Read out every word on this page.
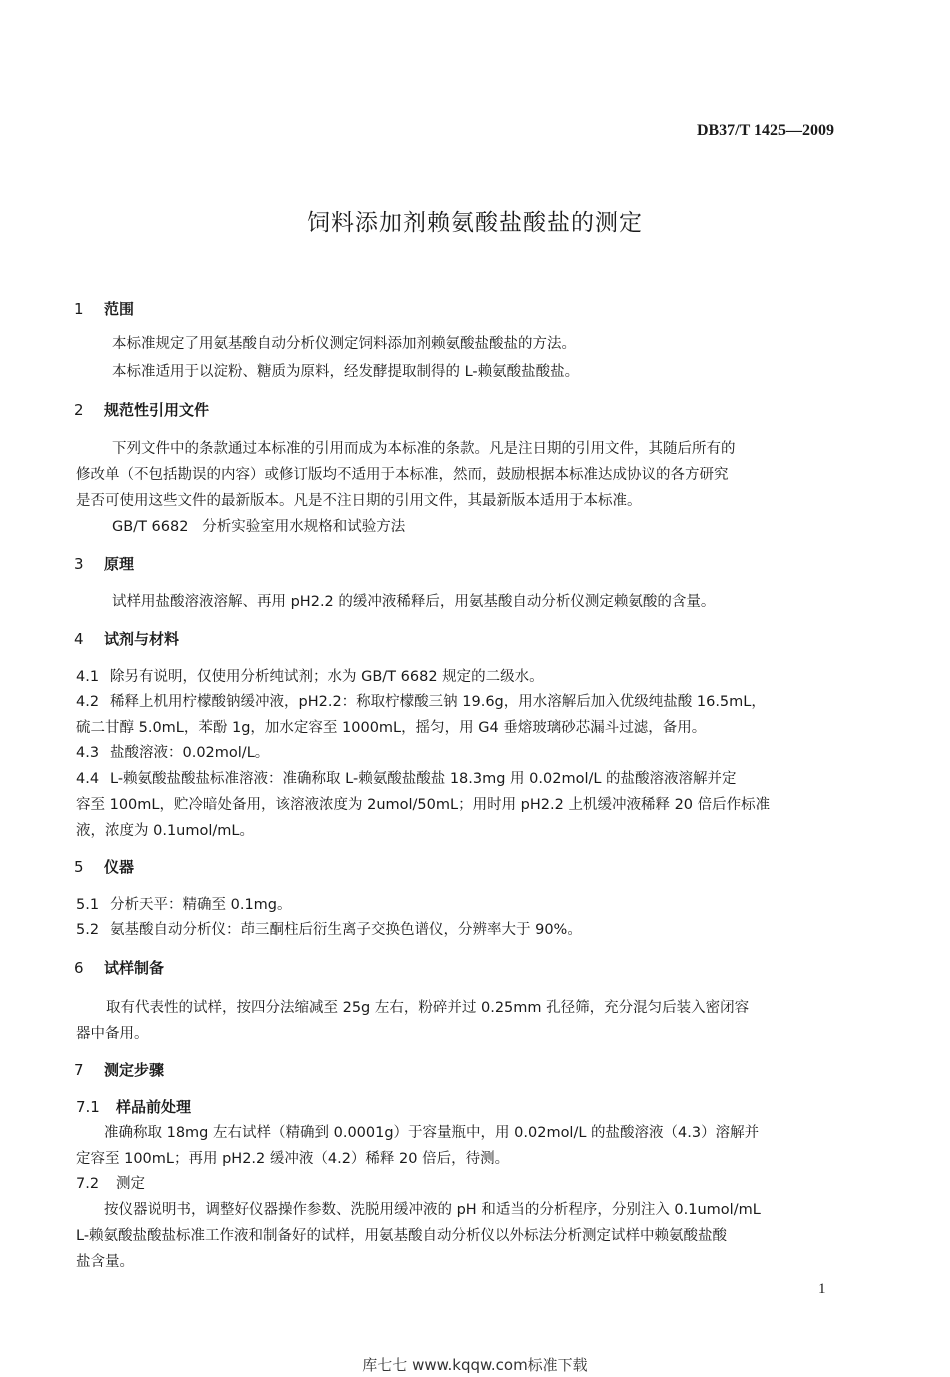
DB37/T 1425—2009
饲料添加剂赖氨酸盐酸盐的测定
1 范围
本标准规定了用氨基酸自动分析仪测定饲料添加剂赖氨酸盐酸盐的方法。
本标准适用于以淀粉、糖质为原料，经发酵提取制得的 L-赖氨酸盐酸盐。
2 规范性引用文件
下列文件中的条款通过本标准的引用而成为本标准的条款。凡是注日期的引用文件，其随后所有的
修改单（不包括勘误的内容）或修订版均不适用于本标准，然而，鼓励根据本标准达成协议的各方研究
是否可使用这些文件的最新版本。凡是不注日期的引用文件，其最新版本适用于本标准。
GB/T 6682   分析实验室用水规格和试验方法
3 原理
试样用盐酸溶液溶解、再用 pH2.2 的缓冲液稀释后，用氨基酸自动分析仪测定赖氨酸的含量。
4 试剂与材料
4.1 除另有说明，仅使用分析纯试剂；水为 GB/T 6682 规定的二级水。
4.2 稀释上机用柠檬酸钠缓冲液，pH2.2：称取柠檬酸三钠 19.6g，用水溶解后加入优级纯盐酸 16.5mL，
硫二甘醇 5.0mL，苯酚 1g，加水定容至 1000mL，摇匀，用 G4 垂熔玻璃砂芯漏斗过滤，备用。
4.3 盐酸溶液：0.02mol/L。
4.4 L-赖氨酸盐酸盐标准溶液：准确称取 L-赖氨酸盐酸盐 18.3mg 用 0.02mol/L 的盐酸溶液溶解并定
容至 100mL，贮冷暗处备用，该溶液浓度为 2umol/50mL；用时用 pH2.2 上机缓冲液稀释 20 倍后作标准
液，浓度为 0.1umol/mL。
5 仪器
5.1 分析天平：精确至 0.1mg。
5.2 氨基酸自动分析仪：茚三酮柱后衍生离子交换色谱仪，分辨率大于 90%。
6 试样制备
取有代表性的试样，按四分法缩减至 25g 左右，粉碎并过 0.25mm 孔径筛，充分混匀后装入密闭容
器中备用。
7 测定步骤
7.1 样品前处理
准确称取 18mg 左右试样（精确到 0.0001g）于容量瓶中，用 0.02mol/L 的盐酸溶液（4.3）溶解并
定容至 100mL；再用 pH2.2 缓冲液（4.2）稀释 20 倍后，待测。
7.2 测定
按仪器说明书，调整好仪器操作参数、洗脱用缓冲液的 pH 和适当的分析程序，分别注入 0.1umol/mL
L-赖氨酸盐酸盐标准工作液和制备好的试样，用氨基酸自动分析仪以外标法分析测定试样中赖氨酸盐酸
盐含量。
1
库七七 www.kqqw.com标准下载
